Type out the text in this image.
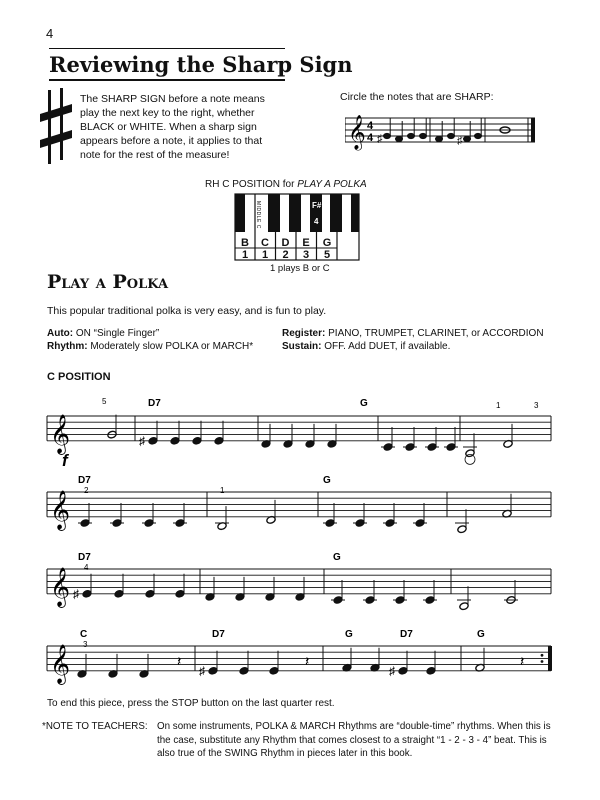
4
Reviewing the Sharp Sign
The SHARP SIGN before a note means play the next key to the right, whether BLACK or WHITE. When a sharp sign appears before a note, it applies to that note for the rest of the measure!
Circle the notes that are SHARP:
𝄞 4
4 ♯	♯
RH C POSITION for PLAY A POLKA
MIDDLE C	F#
4
B
1
C
1
D
2
E
3
G
5
1 plays B or C
Play a Polka
This popular traditional polka is very easy, and is fun to play.
Auto: ON “Single Finger”
Rhythm: Moderately slow POLKA or MARCH*
Register: PIANO, TRUMPET, CLARINET, or ACCORDION
Sustain: OFF. Add DUET, if available.
C POSITION
5	D7	G	1	3
f
D7
2	1
G
D7
4
G
C
3
D7	G	D7	G
𝄞
𝄞
𝄞
𝄞
♯
♯
♯	♯
𝄽	𝄽	𝄽
To end this piece, press the STOP button on the last quarter rest.
*NOTE TO TEACHERS: On some instruments, POLKA & MARCH Rhythms are “double-time” rhythms. When this is the case, substitute any Rhythm that comes closest to a straight “1 - 2 - 3 - 4” beat. This is also true of the SWING Rhythm in pieces later in this book.
